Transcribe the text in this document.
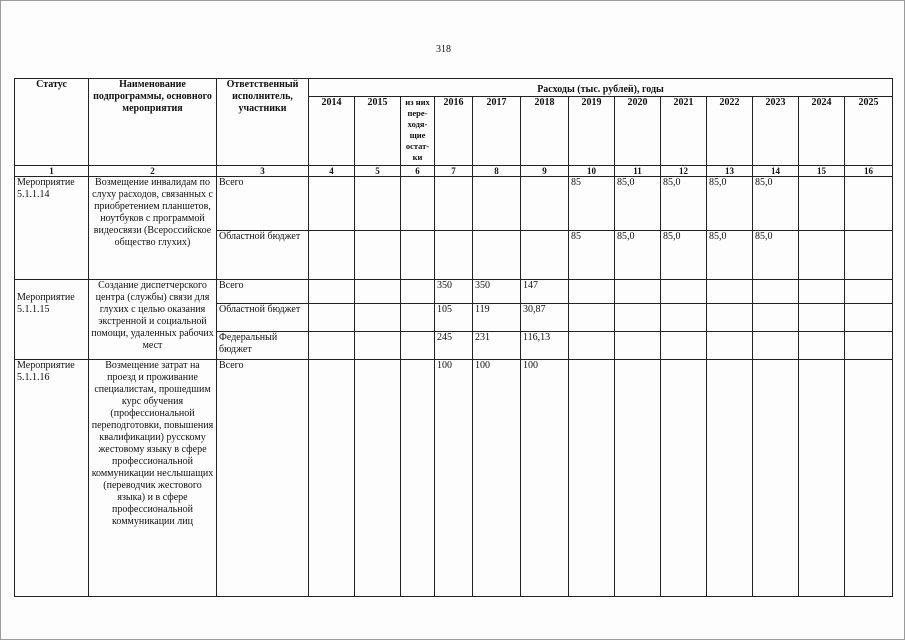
318
Статус	Наименование подпрограммы, основного мероприятия	Ответственный исполнитель, участники	Расходы (тыс. рублей), годы												
			2014	2015	из них пере-ходя-щие остат-ки	2016	2017	2018	2019	2020	2021	2022	2023	2024	2025
1	2	3	4	5	6	7	8	9	10	11	12	13	14	15	16
Мероприятие 5.1.1.14	Возмещение инвалидам по слуху расходов, связанных с приобретением планшетов, ноутбуков с программой видеосвязи (Всероссийское общество глухих)	Всего							85	85,0	85,0	85,0	85,0		
		Областной бюджет							85	85,0	85,0	85,0	85,0		
Мероприятие 5.1.1.15	Создание диспетчерского центра (службы) связи для глухих с целью оказания экстренной и социальной помощи, удаленных рабочих мест	Всего				350	350	147							
		Областной бюджет				105	119	30,87							
		Федеральный бюджет				245	231	116,13							
Мероприятие 5.1.1.16	Возмещение затрат на проезд и проживание специалистам, прошедшим курс обучения (профессиональной переподготовки, повышения квалификации) русскому жестовому языку в сфере профессиональной коммуникации неслышащих (переводчик жестового языка) и в сфере профессиональной коммуникации лиц	Всего				100	100	100							
